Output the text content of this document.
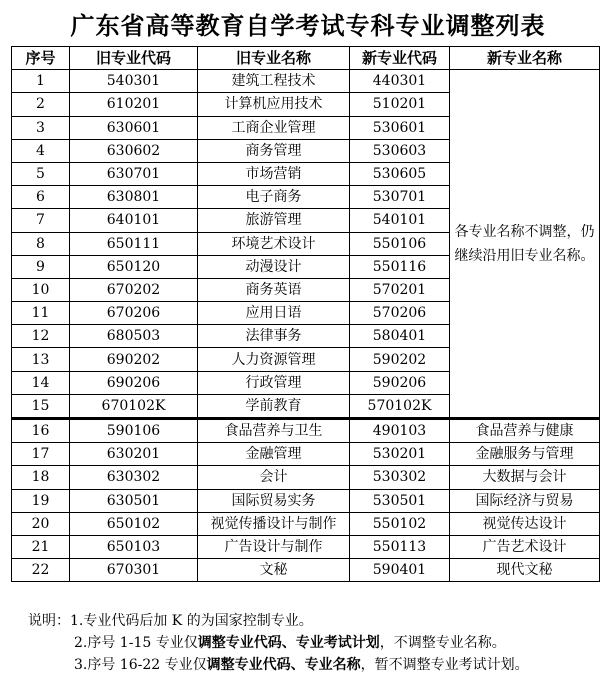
广东省高等教育自学考试专科专业调整列表
序号	旧专业代码	旧专业名称	新专业代码	新专业名称
1	540301	建筑工程技术	440301	各专业名称不调整，仍继续沿用旧专业名称。
2	610201	计算机应用技术	510201	
3	630601	工商企业管理	530601	
4	630602	商务管理	530603	
5	630701	市场营销	530605	
6	630801	电子商务	530701	
7	640101	旅游管理	540101	
8	650111	环境艺术设计	550106	
9	650120	动漫设计	550116	
10	670202	商务英语	570201	
11	670206	应用日语	570206	
12	680503	法律事务	580401	
13	690202	人力资源管理	590202	
14	690206	行政管理	590206	
15	670102K	学前教育	570102K	
16	590106	食品营养与卫生	490103	食品营养与健康
17	630201	金融管理	530201	金融服务与管理
18	630302	会计	530302	大数据与会计
19	630501	国际贸易实务	530501	国际经济与贸易
20	650102	视觉传播设计与制作	550102	视觉传达设计
21	650103	广告设计与制作	550113	广告艺术设计
22	670301	文秘	590401	现代文秘
说明：1.专业代码后加 K 的为国家控制专业。
2.序号 1-15 专业仅调整专业代码、专业考试计划，不调整专业名称。
3.序号 16-22 专业仅调整专业代码、专业名称，暂不调整专业考试计划。
